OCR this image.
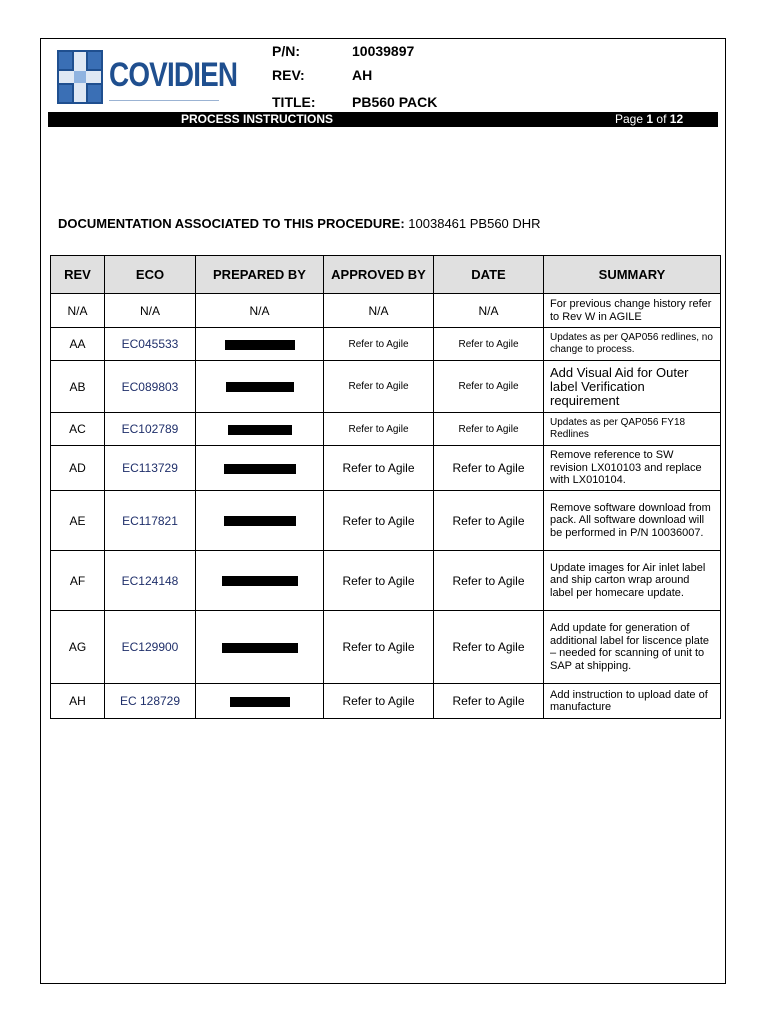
COVIDIEN
P/N:	10039897
REV:	AH
TITLE:	PB560 PACK
PROCESS INSTRUCTIONS	Page 1 of 12
DOCUMENTATION ASSOCIATED TO THIS PROCEDURE: 10038461 PB560 DHR
REV	ECO	PREPARED BY	APPROVED BY	DATE	SUMMARY
N/A	N/A	N/A	N/A	N/A	For previous change history refer to Rev W in AGILE
AA	EC045533		Refer to Agile	Refer to Agile	Updates as per QAP056 redlines, no change to process.
AB	EC089803		Refer to Agile	Refer to Agile	Add Visual Aid for Outer label Verification requirement
AC	EC102789		Refer to Agile	Refer to Agile	Updates as per QAP056 FY18 Redlines
AD	EC113729		Refer to Agile	Refer to Agile	Remove reference to SW revision LX010103 and replace with LX010104.
AE	EC117821		Refer to Agile	Refer to Agile	Remove software download from pack. All software download will be performed in P/N 10036007.
AF	EC124148		Refer to Agile	Refer to Agile	Update images for Air inlet label and ship carton wrap around label per homecare update.
AG	EC129900		Refer to Agile	Refer to Agile	Add update for generation of additional label for liscence plate – needed for scanning of unit to SAP at shipping.
AH	EC 128729		Refer to Agile	Refer to Agile	Add instruction to upload date of manufacture
